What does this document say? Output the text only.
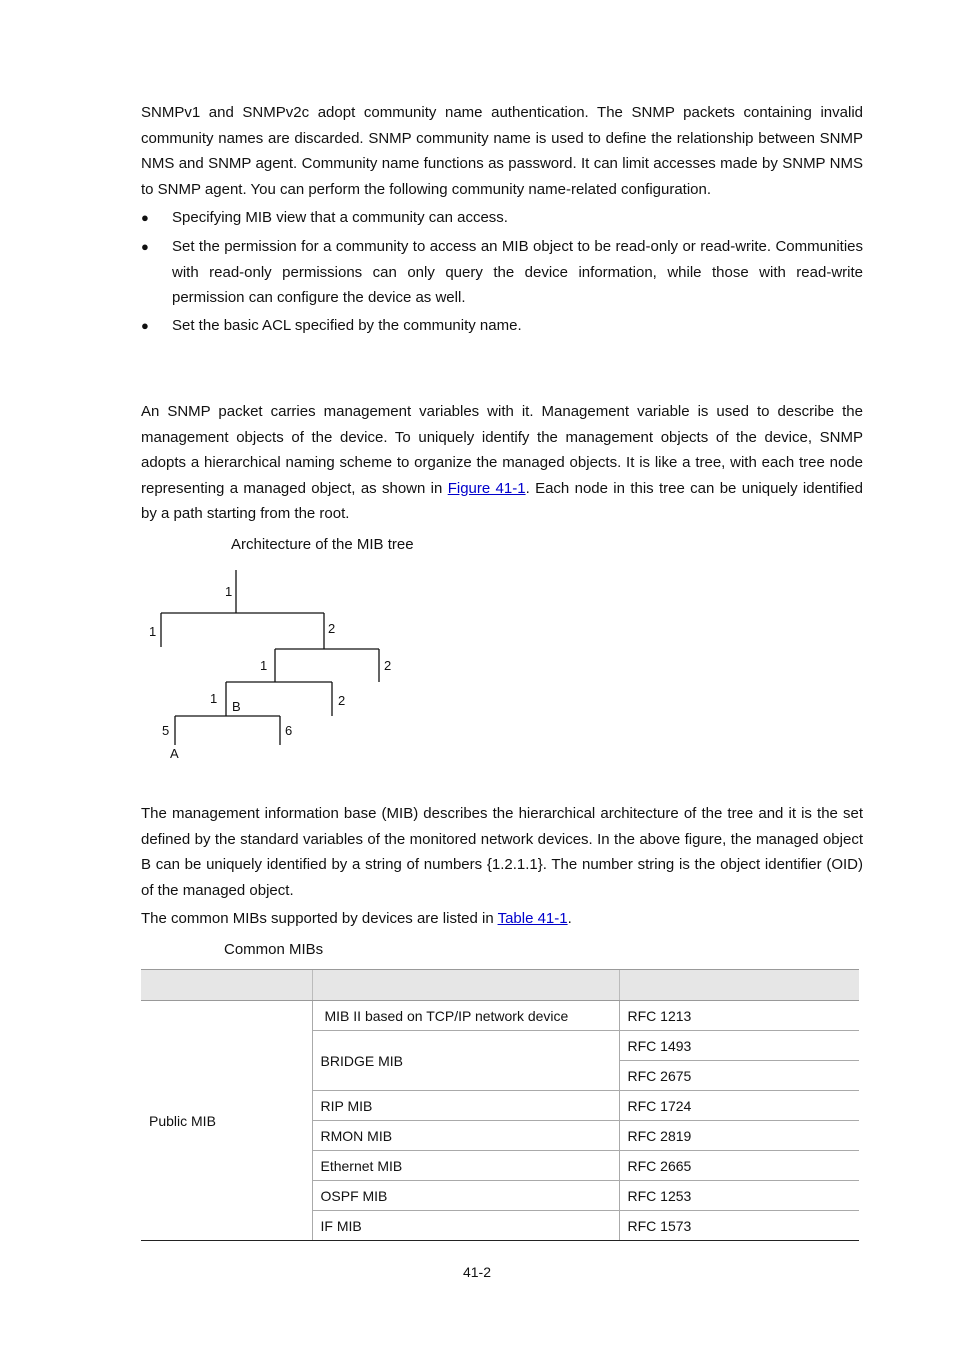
SNMPv1 and SNMPv2c adopt community name authentication. The SNMP packets containing invalid community names are discarded. SNMP community name is used to define the relationship between SNMP NMS and SNMP agent. Community name functions as password. It can limit accesses made by SNMP NMS to SNMP agent. You can perform the following community name-related configuration.

● Specifying MIB view that a community can access.
● Set the permission for a community to access an MIB object to be read-only or read-write. Communities with read-only permissions can only query the device information, while those with read-write permission can configure the device as well.
● Set the basic ACL specified by the community name.

An SNMP packet carries management variables with it. Management variable is used to describe the management objects of the device. To uniquely identify the management objects of the device, SNMP adopts a hierarchical naming scheme to organize the managed objects. It is like a tree, with each tree node representing a managed object, as shown in Figure 41-1. Each node in this tree can be uniquely identified by a path starting from the root.

Architecture of the MIB tree
1
1	2
1	2
1
B	2
5	6
A

The management information base (MIB) describes the hierarchical architecture of the tree and it is the set defined by the standard variables of the monitored network devices. In the above figure, the managed object B can be uniquely identified by a string of numbers {1.2.1.1}. The number string is the object identifier (OID) of the managed object.

The common MIBs supported by devices are listed in Table 41-1.

Common MIBs

Public MIB	MIB II based on TCP/IP network device	RFC 1213
	BRIDGE MIB	RFC 1493
		RFC 2675
	RIP MIB	RFC 1724
	RMON MIB	RFC 2819
	Ethernet MIB	RFC 2665
	OSPF MIB	RFC 1253
	IF MIB	RFC 1573
41-2
